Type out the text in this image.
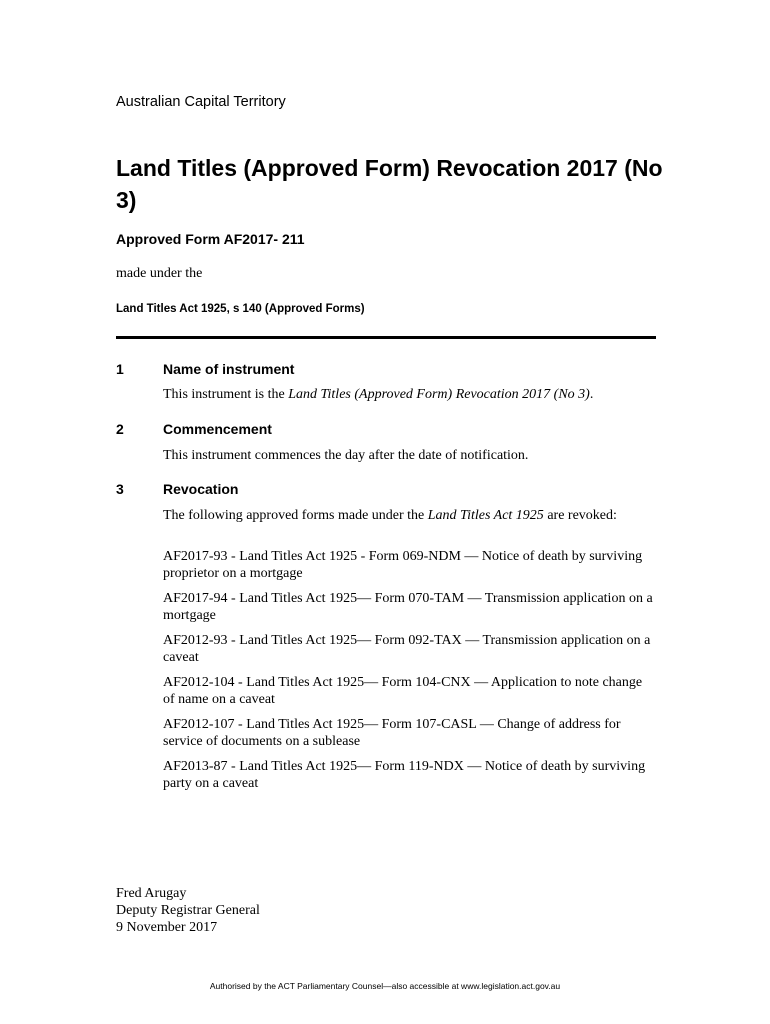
Australian Capital Territory
Land Titles (Approved Form) Revocation 2017 (No 3)
Approved Form AF2017- 211
made under the
Land Titles Act 1925, s 140 (Approved Forms)
1	Name of instrument
This instrument is the Land Titles (Approved Form) Revocation 2017 (No 3).
2	Commencement
This instrument commences the day after the date of notification.
3	Revocation
The following approved forms made under the Land Titles Act 1925 are revoked:
AF2017-93 - Land Titles Act 1925 - Form 069-NDM — Notice of death by surviving proprietor on a mortgage
AF2017-94 - Land Titles Act 1925— Form 070-TAM — Transmission application on a mortgage
AF2012-93 - Land Titles Act 1925— Form 092-TAX — Transmission application on a caveat
AF2012-104 - Land Titles Act 1925— Form 104-CNX — Application to note change of name on a caveat
AF2012-107 - Land Titles Act 1925— Form 107-CASL — Change of address for service of documents on a sublease
AF2013-87 - Land Titles Act 1925— Form 119-NDX — Notice of death by surviving party on a caveat
Fred Arugay
Deputy Registrar General
9 November 2017
Authorised by the ACT Parliamentary Counsel—also accessible at www.legislation.act.gov.au
